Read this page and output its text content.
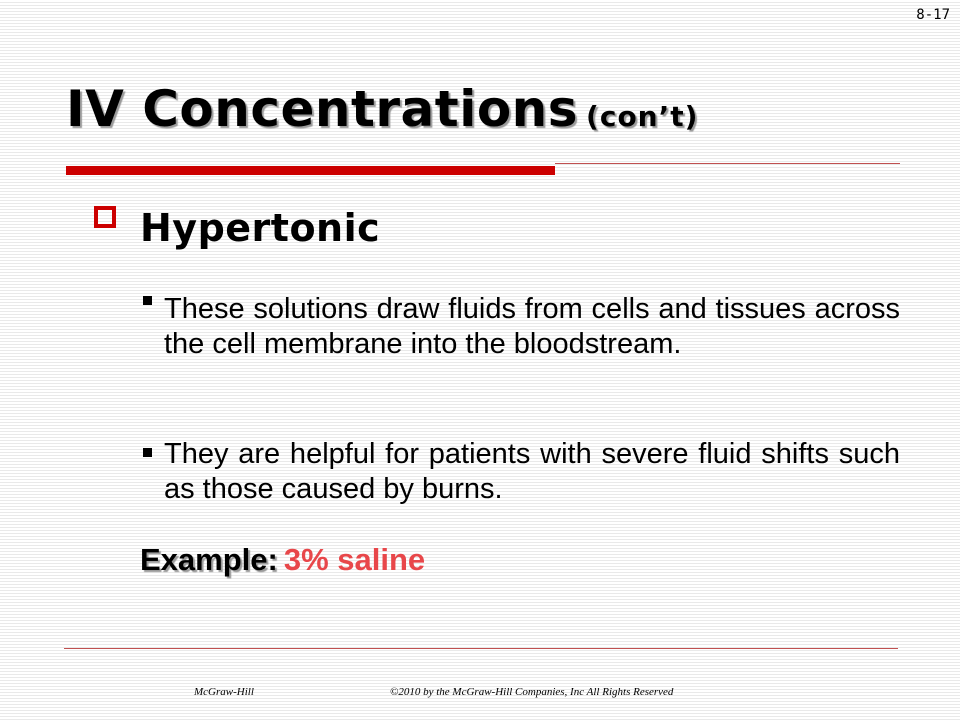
8-17
IV Concentrations (con’t)
Hypertonic
These solutions draw fluids from cells and tissues across the cell membrane into the bloodstream.
They are helpful for patients with severe fluid shifts such as those caused by burns.
Example: 3% saline
McGraw-Hill	©2010 by the McGraw-Hill Companies, Inc All Rights Reserved
